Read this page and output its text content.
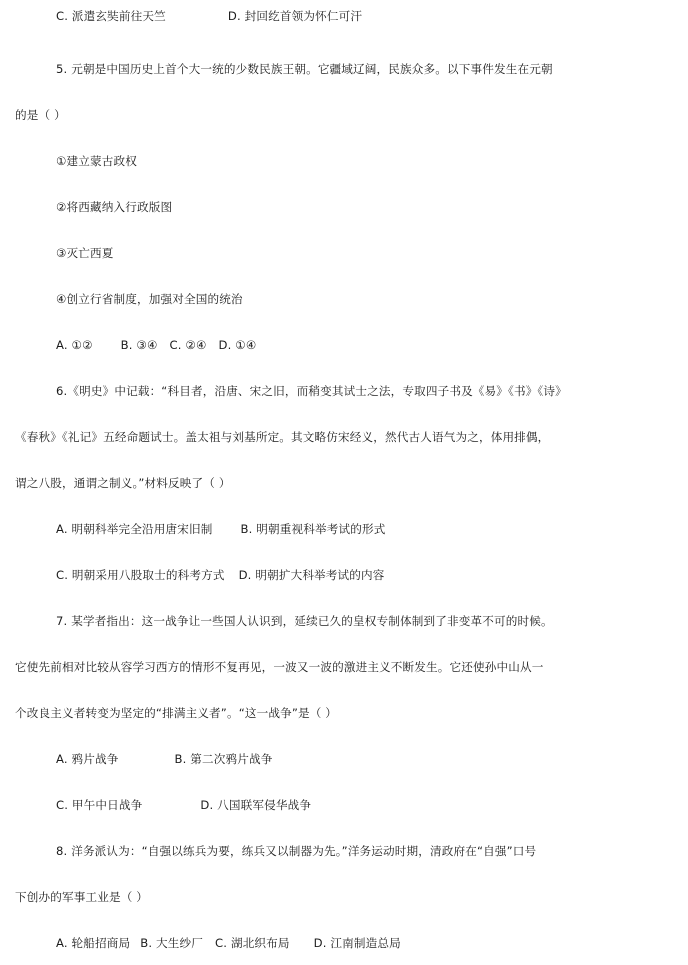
C. 派遣玄奘前往天竺	D. 封回纥首领为怀仁可汗
5. 元朝是中国历史上首个大一统的少数民族王朝。它疆域辽阔，民族众多。以下事件发生在元朝
的是（ ）
①建立蒙古政权
②将西藏纳入行政版图
③灭亡西夏
④创立行省制度，加强对全国的统治
A. ①② B. ③④ C. ②④ D. ①④
6.《明史》中记载：“科目者，沿唐、宋之旧，而稍变其试士之法，专取四子书及《易》《书》《诗》
《春秋》《礼记》五经命题试士。盖太祖与刘基所定。其文略仿宋经义，然代古人语气为之，体用排偶，
谓之八股，通谓之制义。”材料反映了（ ）
A. 明朝科举完全沿用唐宋旧制 B. 明朝重视科举考试的形式
C. 明朝采用八股取士的科考方式 D. 明朝扩大科举考试的内容
7. 某学者指出：这一战争让一些国人认识到，延续已久的皇权专制体制到了非变革不可的时候。
它使先前相对比较从容学习西方的情形不复再见，一波又一波的激进主义不断发生。它还使孙中山从一
个改良主义者转变为坚定的“排满主义者”。“这一战争”是（ ）
A. 鸦片战争	B. 第二次鸦片战争
C. 甲午中日战争	D. 八国联军侵华战争
8. 洋务派认为：“自强以练兵为要，练兵又以制器为先。”洋务运动时期，清政府在“自强”口号
下创办的军事工业是（ ）
A. 轮船招商局 B. 大生纱厂 C. 湖北织布局 D. 江南制造总局
